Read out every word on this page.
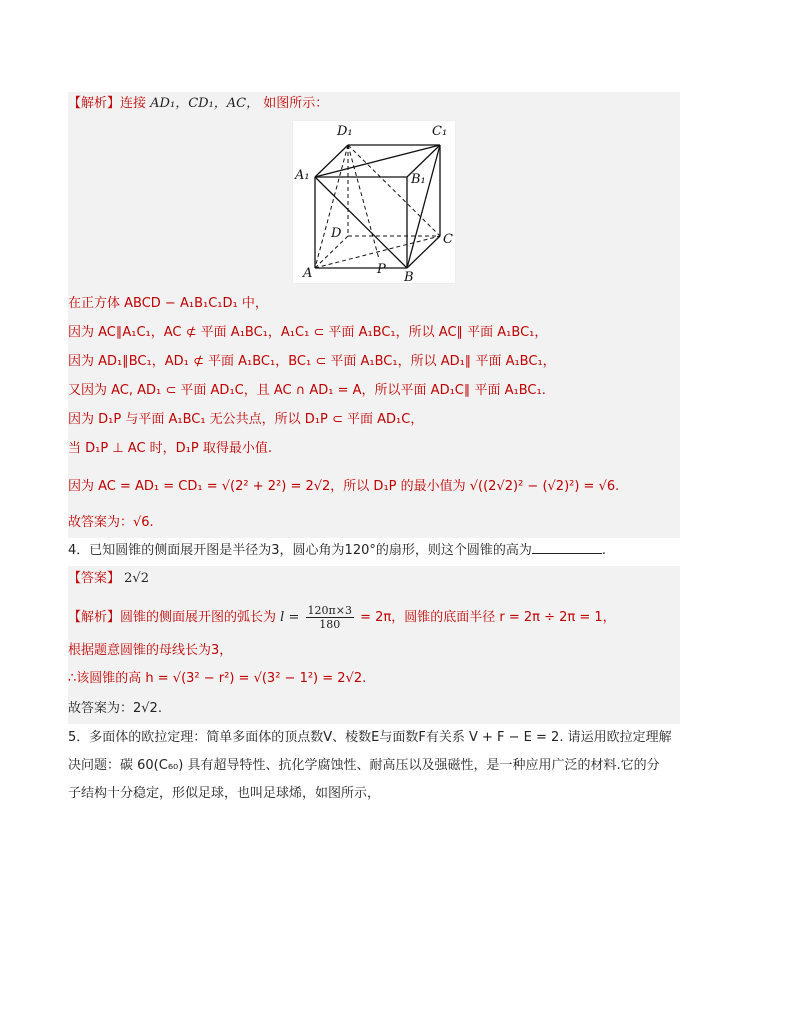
【解析】连接 AD₁，CD₁，AC， 如图所示：
D₁	C₁
A₁	B₁
D	C
A	B
P
在正方体 ABCD − A₁B₁C₁D₁ 中，
因为 AC∥A₁C₁，AC ⊄ 平面 A₁BC₁，A₁C₁ ⊂ 平面 A₁BC₁，所以 AC∥ 平面 A₁BC₁，
因为 AD₁∥BC₁，AD₁ ⊄ 平面 A₁BC₁，BC₁ ⊂ 平面 A₁BC₁，所以 AD₁∥ 平面 A₁BC₁，
又因为 AC, AD₁ ⊂ 平面 AD₁C，且 AC ∩ AD₁ = A，所以平面 AD₁C∥ 平面 A₁BC₁.
因为 D₁P 与平面 A₁BC₁ 无公共点，所以 D₁P ⊂ 平面 AD₁C，
当 D₁P ⊥ AC 时，D₁P 取得最小值.
因为 AC = AD₁ = CD₁ = √(2² + 2²) = 2√2，所以 D₁P 的最小值为 √((2√2)² − (√2)²) = √6.
故答案为：√6.
4．已知圆锥的侧面展开图是半径为3，圆心角为120°的扇形，则这个圆锥的高为	.
【答案】 2√2
【解析】圆锥的侧面展开图的弧长为 $l = \frac{120\pi\times 3}{180} = 2\pi$，圆锥的底面半径 r = 2π ÷ 2π = 1，
根据题意圆锥的母线长为3，
∴该圆锥的高 h = √(3² − r²) = √(3² − 1²) = 2√2.
故答案为：2√2.
5．多面体的欧拉定理：简单多面体的顶点数V、棱数E与面数F有关系 V + F − E = 2. 请运用欧拉定理解
决问题：碳 60(C₆₀) 具有超导特性、抗化学腐蚀性、耐高压以及强磁性，是一种应用广泛的材料.它的分
子结构十分稳定，形似足球，也叫足球烯，如图所示，
